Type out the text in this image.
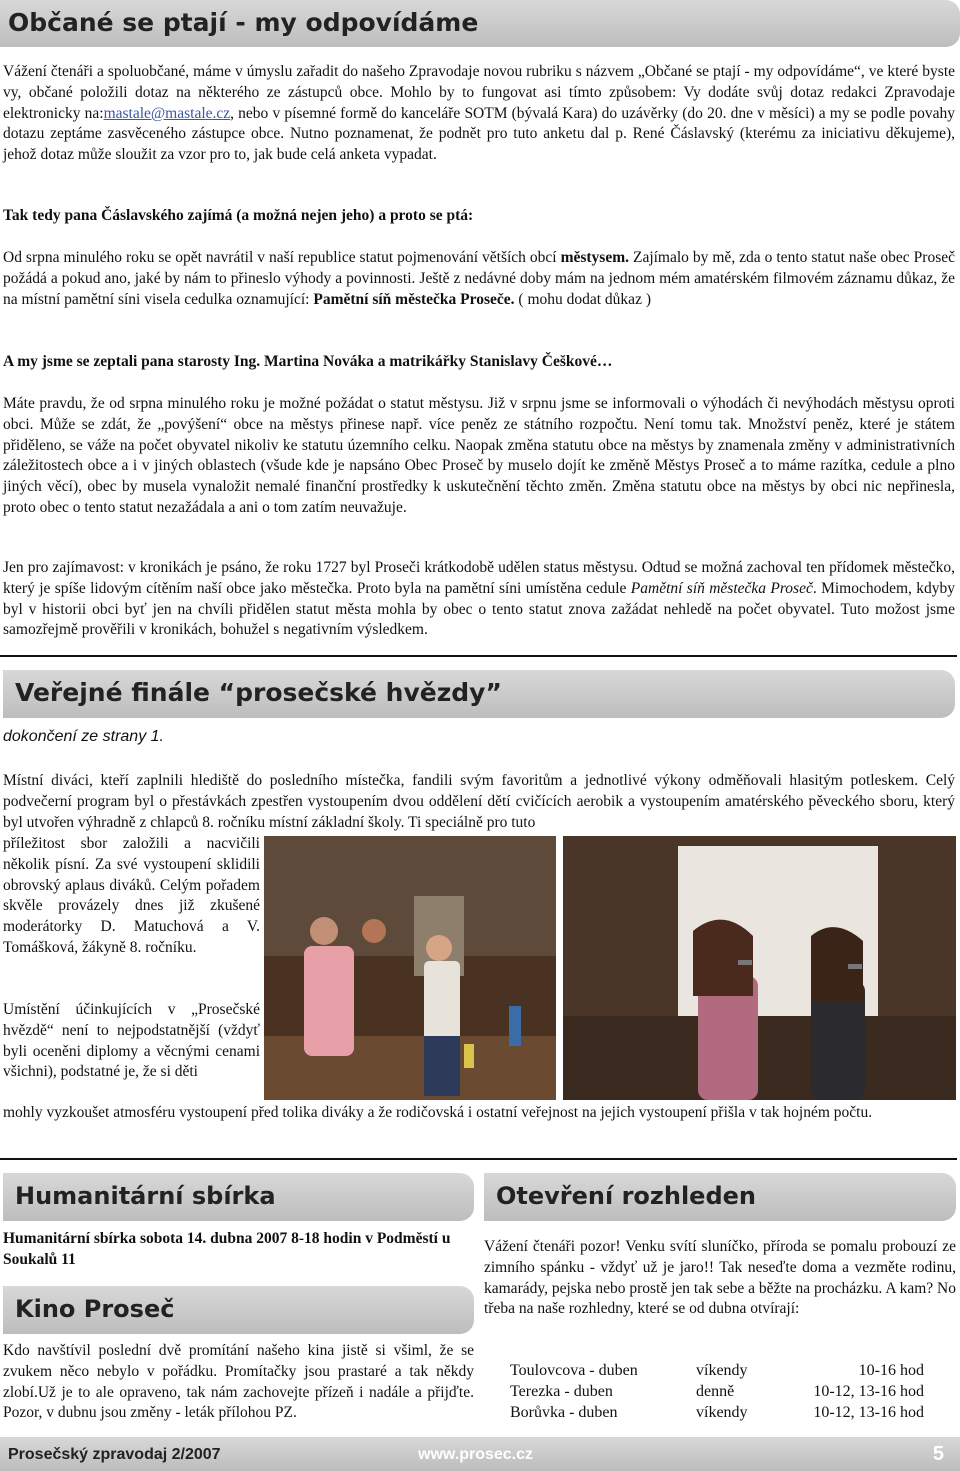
Občané se ptají - my odpovídáme

Vážení čtenáři a spoluobčané, máme v úmyslu zařadit do našeho Zpravodaje novou rubriku s názvem „Občané se ptají - my odpovídáme“, ve které byste vy, občané položili dotaz na některého ze zástupců obce. Mohlo by to fungovat asi tímto způsobem: Vy dodáte svůj dotaz redakci Zpravodaje elektronicky na:mastale@mastale.cz, nebo v písemné formě do kanceláře SOTM (bývalá Kara) do uzávěrky (do 20. dne v měsíci) a my se podle povahy dotazu zeptáme zasvěceného zástupce obce. Nutno poznamenat, že podnět pro tuto anketu dal p. René Čáslavský (kterému za iniciativu děkujeme), jehož dotaz může sloužit za vzor pro to, jak bude celá anketa vypadat.

Tak tedy pana Čáslavského zajímá (a možná nejen jeho) a proto se ptá:

Od srpna minulého roku se opět navrátil v naší republice statut pojmenování větších obcí městysem. Zajímalo by mě, zda o tento statut naše obec Proseč požádá a pokud ano, jaké by nám to přineslo výhody a povinnosti. Ještě z nedávné doby mám na jednom mém amatérském filmovém záznamu důkaz, že na místní pamětní síni visela cedulka oznamující: Pamětní síň městečka Proseče. ( mohu dodat důkaz )

A my jsme se zeptali pana starosty Ing. Martina Nováka a matrikářky Stanislavy Češkové…

Máte pravdu, že od srpna minulého roku je možné požádat o statut městysu. Již v srpnu jsme se informovali o výhodách či nevýhodách městysu oproti obci. Může se zdát, že „povýšení“ obce na městys přinese např. více peněz ze státního rozpočtu. Není tomu tak. Množství peněz, které je státem přiděleno, se váže na počet obyvatel nikoliv ke statutu územního celku. Naopak změna statutu obce na městys by znamenala změny v administrativních záležitostech obce a i v jiných oblastech (všude kde je napsáno Obec Proseč by muselo dojít ke změně Městys Proseč a to máme razítka, cedule a plno jiných věcí), obec by musela vynaložit nemalé finanční prostředky k uskutečnění těchto změn. Změna statutu obce na městys by obci nic nepřinesla, proto obec o tento statut nezažádala a ani o tom zatím neuvažuje.

Jen pro zajímavost: v kronikách je psáno, že roku 1727 byl Proseči krátkodobě udělen status městysu. Odtud se možná zachoval ten přídomek městečko, který je spíše lidovým cítěním naší obce jako městečka. Proto byla na pamětní síni umístěna cedule Pamětní síň městečka Proseč. Mimochodem, kdyby byl v historii obci byť jen na chvíli přidělen statut města mohla by obec o tento statut znova zažádat nehledě na počet obyvatel. Tuto možost jsme samozřejmě prověřili v kronikách, bohužel s negativním výsledkem.

Veřejné finále “prosečské hvězdy”
dokončení ze strany 1.

Místní diváci, kteří zaplnili hlediště do posledního místečka, fandili svým favoritům a jednotlivé výkony odměňovali hlasitým potleskem. Celý podvečerní program byl o přestávkách zpestřen vystoupením dvou oddělení dětí cvičících aerobik a vystoupením amatérského pěveckého sboru, který byl utvořen výhradně z chlapců 8. ročníku místní základní školy. Ti speciálně pro tuto

příležitost sbor založili a nacvičili několik písní. Za své vystoupení sklidili obrovský aplaus diváků. Celým pořadem skvěle provázely dnes již zkušené moderátorky D. Matuchová a V. Tomášková, žákyně 8. ročníku.

Umístění účinkujících v „Prosečské hvězdě“ není to nejpodstatnější (vždyť byli oceněni diplomy a věcnými cenami všichni), podstatné je, že si děti

mohly vyzkoušet atmosféru vystoupení před tolika diváky a že rodičovská i ostatní veřejnost na jejich vystoupení přišla v tak hojném počtu.

Humanitární sbírka

Humanitární sbírka sobota 14. dubna 2007 8-18 hodin v Podměstí u Soukalů 11

Kino Proseč

Kdo navštívil poslední dvě promítání našeho kina jistě si všiml, že se zvukem něco nebylo v pořádku. Promítačky jsou prastaré a tak někdy zlobí.Už je to ale opraveno, tak nám zachovejte přízeň i nadále a přijďte. Pozor, v dubnu jsou změny - leták přílohou PZ.

Otevření rozhleden

Vážení čtenáři pozor! Venku svítí sluníčko, příroda se pomalu probouzí ze zimního spánku - vždyť už je jaro!! Tak neseďte doma a vezměte rodinu, kamarády, pejska nebo prostě jen tak sebe a běžte na procházku. A kam? No třeba na naše rozhledny, které se od dubna otvírají:

Toulovcova - duben	víkendy	10-16 hod
Terezka - duben	denně	10-12, 13-16 hod
Borůvka - duben	víkendy	10-12, 13-16 hod
Prosečský zpravodaj 2/2007	www.prosec.cz	5
